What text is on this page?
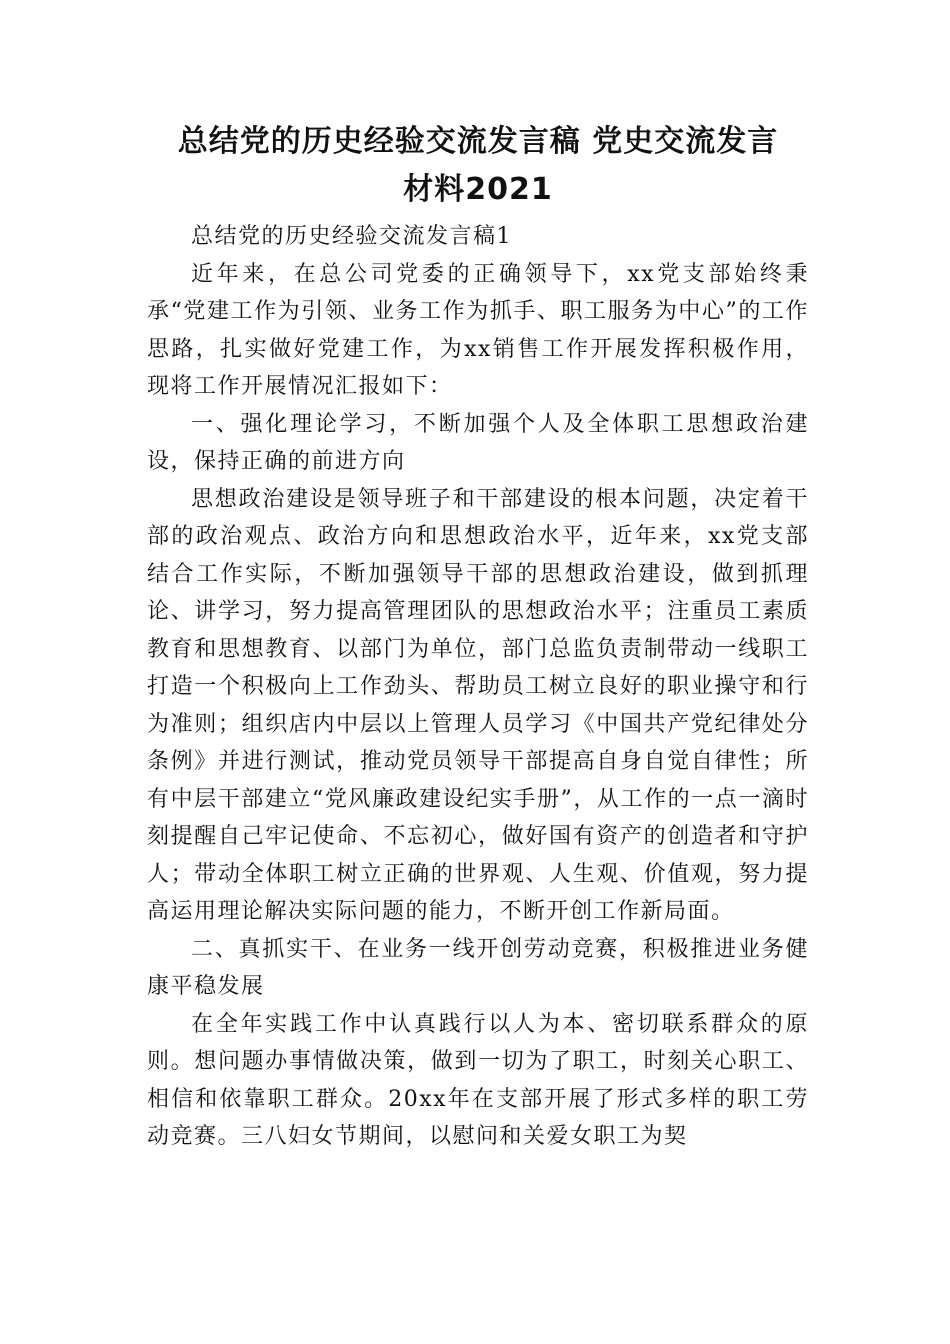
总结党的历史经验交流发言稿 党史交流发言
材料2021

总结党的历史经验交流发言稿1

近年来，在总公司党委的正确领导下，xx党支部始终秉承“党建工作为引领、业务工作为抓手、职工服务为中心”的工作思路，扎实做好党建工作，为xx销售工作开展发挥积极作用，现将工作开展情况汇报如下：

一、强化理论学习，不断加强个人及全体职工思想政治建设，保持正确的前进方向

思想政治建设是领导班子和干部建设的根本问题，决定着干部的政治观点、政治方向和思想政治水平，近年来，xx党支部结合工作实际，不断加强领导干部的思想政治建设，做到抓理论、讲学习，努力提高管理团队的思想政治水平；注重员工素质教育和思想教育、以部门为单位，部门总监负责制带动一线职工打造一个积极向上工作劲头、帮助员工树立良好的职业操守和行为准则；组织店内中层以上管理人员学习《中国共产党纪律处分条例》并进行测试，推动党员领导干部提高自身自觉自律性；所有中层干部建立“党风廉政建设纪实手册”，从工作的一点一滴时刻提醒自己牢记使命、不忘初心，做好国有资产的创造者和守护人；带动全体职工树立正确的世界观、人生观、价值观，努力提高运用理论解决实际问题的能力，不断开创工作新局面。

二、真抓实干、在业务一线开创劳动竞赛，积极推进业务健康平稳发展

在全年实践工作中认真践行以人为本、密切联系群众的原则。想问题办事情做决策，做到一切为了职工，时刻关心职工、相信和依靠职工群众。20xx年在支部开展了形式多样的职工劳动竞赛。三八妇女节期间，以慰问和关爱女职工为契
